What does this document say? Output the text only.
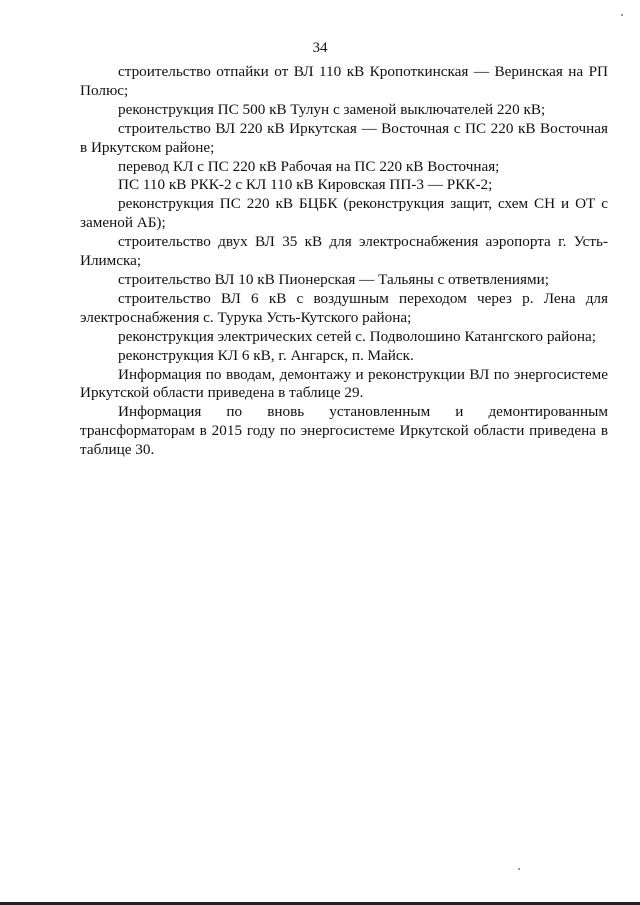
34

строительство отпайки от ВЛ 110 кВ Кропоткинская — Веринская на РП Полюс;

реконструкция ПС 500 кВ Тулун с заменой выключателей 220 кВ;

строительство ВЛ 220 кВ Иркутская — Восточная с ПС 220 кВ Восточная в Иркутском районе;

перевод КЛ с ПС 220 кВ Рабочая на ПС 220 кВ Восточная;

ПС 110 кВ РКК-2 с КЛ 110 кВ Кировская ПП-3 — РКК-2;

реконструкция ПС 220 кВ БЦБК (реконструкция защит, схем СН и ОТ с заменой АБ);

строительство двух ВЛ 35 кВ для электроснабжения аэропорта г. Усть-Илимска;

строительство ВЛ 10 кВ Пионерская — Тальяны с ответвлениями;

строительство ВЛ 6 кВ с воздушным переходом через р. Лена для электроснабжения с. Турука Усть-Кутского района;

реконструкция электрических сетей с. Подволошино Катангского района;

реконструкция КЛ 6 кВ, г. Ангарск, п. Майск.

Информация по вводам, демонтажу и реконструкции ВЛ по энергосистеме Иркутской области приведена в таблице 29.

Информация по вновь установленным и демонтированным трансформаторам в 2015 году по энергосистеме Иркутской области приведена в таблице 30.
